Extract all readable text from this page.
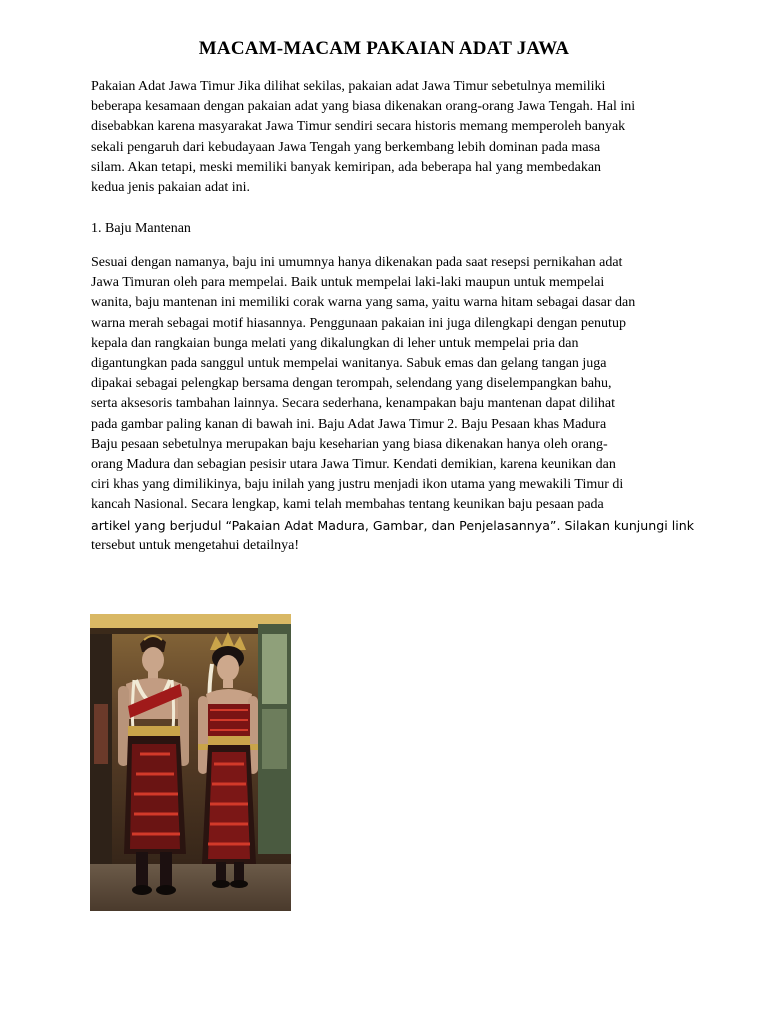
MACAM-MACAM PAKAIAN ADAT JAWA
Pakaian Adat Jawa Timur Jika dilihat sekilas, pakaian adat Jawa Timur sebetulnya memiliki
beberapa kesamaan dengan pakaian adat yang biasa dikenakan orang-orang Jawa Tengah. Hal ini
disebabkan karena masyarakat Jawa Timur sendiri secara historis memang memperoleh banyak
sekali pengaruh dari kebudayaan Jawa Tengah yang berkembang lebih dominan pada masa
silam. Akan tetapi, meski memiliki banyak kemiripan, ada beberapa hal yang membedakan
kedua jenis pakaian adat ini.
1. Baju Mantenan
Sesuai dengan namanya, baju ini umumnya hanya dikenakan pada saat resepsi pernikahan adat
Jawa Timuran oleh para mempelai. Baik untuk mempelai laki-laki maupun untuk mempelai
wanita, baju mantenan ini memiliki corak warna yang sama, yaitu warna hitam sebagai dasar dan
warna merah sebagai motif hiasannya. Penggunaan pakaian ini juga dilengkapi dengan penutup
kepala dan rangkaian bunga melati yang dikalungkan di leher untuk mempelai pria dan
digantungkan pada sanggul untuk mempelai wanitanya. Sabuk emas dan gelang tangan juga
dipakai sebagai pelengkap bersama dengan terompah, selendang yang diselempangkan bahu,
serta aksesoris tambahan lainnya. Secara sederhana, kenampakan baju mantenan dapat dilihat
pada gambar paling kanan di bawah ini. Baju Adat Jawa Timur 2. Baju Pesaan khas Madura
Baju pesaan sebetulnya merupakan baju keseharian yang biasa dikenakan hanya oleh orang-
orang Madura dan sebagian pesisir utara Jawa Timur. Kendati demikian, karena keunikan dan
ciri khas yang dimilikinya, baju inilah yang justru menjadi ikon utama yang mewakili Timur di
kancah Nasional. Secara lengkap, kami telah membahas tentang keunikan baju pesaan pada
artikel yang berjudul “Pakaian Adat Madura, Gambar, dan Penjelasannya”. Silakan kunjungi link
tersebut untuk mengetahui detailnya!
